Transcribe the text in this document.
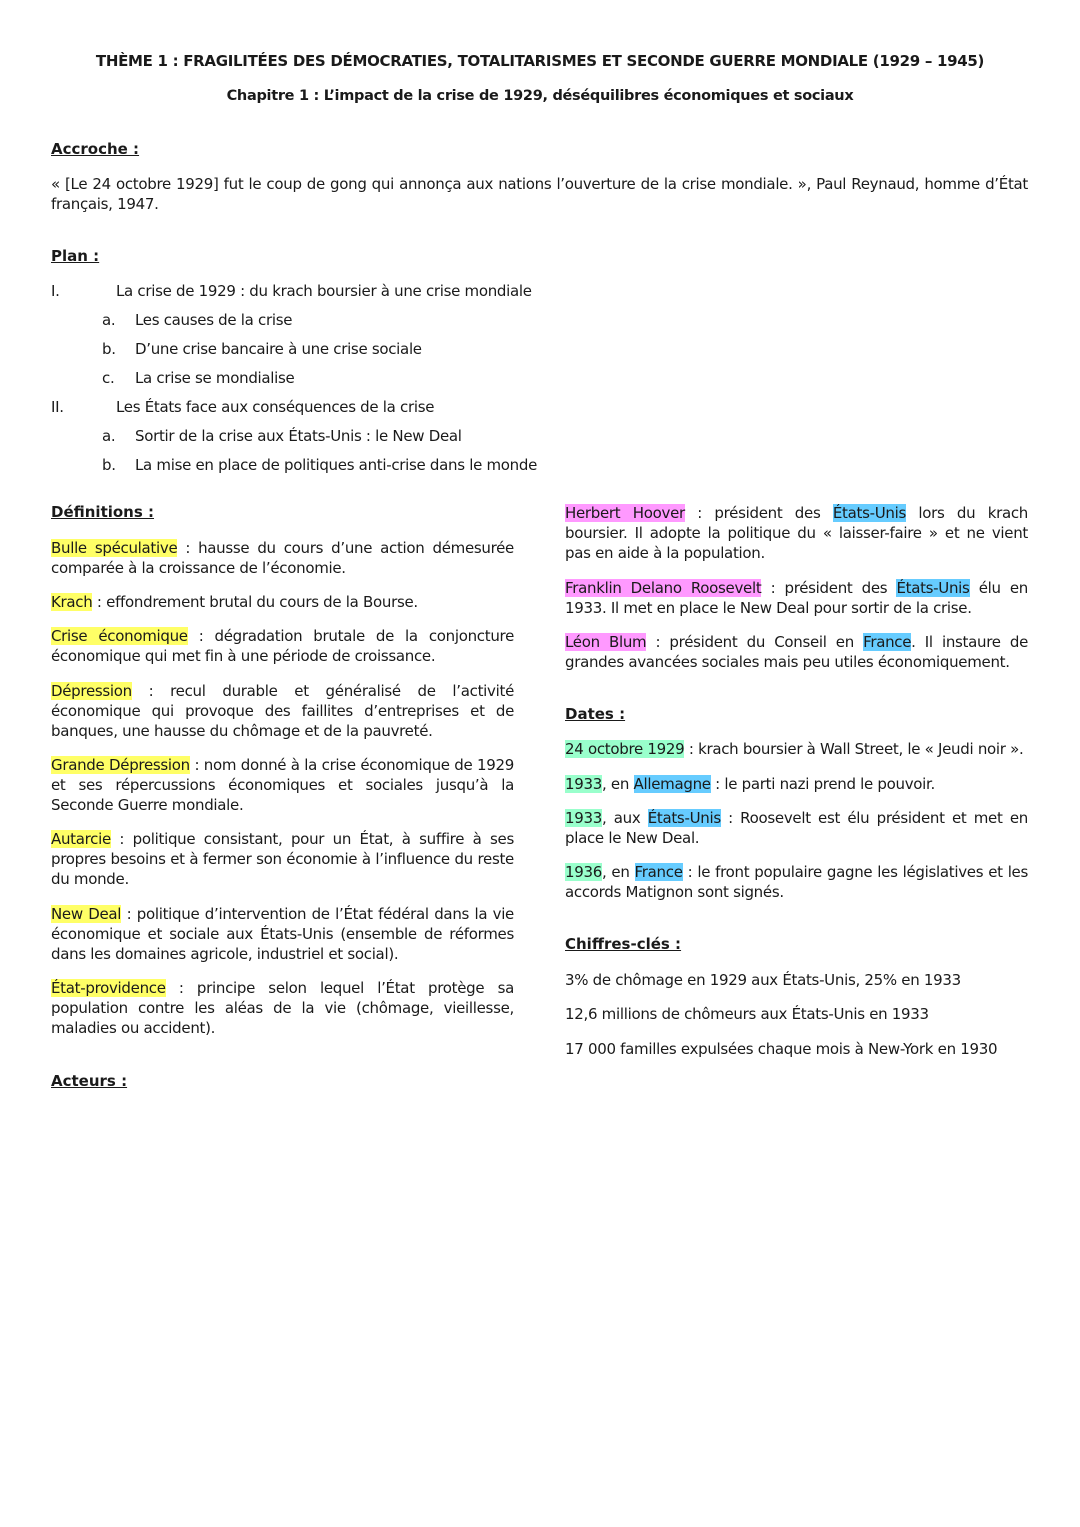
THÈME 1 : FRAGILITÉES DES DÉMOCRATIES, TOTALITARISMES ET SECONDE GUERRE MONDIALE (1929 – 1945)
Chapitre 1 : L’impact de la crise de 1929, déséquilibres économiques et sociaux
Accroche :

« [Le 24 octobre 1929] fut le coup de gong qui annonça aux nations l’ouverture de la crise mondiale. », Paul Reynaud, homme d’État français, 1947.

Plan :
I.	La crise de 1929 : du krach boursier à une crise mondiale
a. Les causes de la crise
b. D’une crise bancaire à une crise sociale
c. La crise se mondialise
II.	Les États face aux conséquences de la crise
a. Sortir de la crise aux États-Unis : le New Deal
b. La mise en place de politiques anti-crise dans le monde
Définitions :

Bulle spéculative : hausse du cours d’une action démesurée comparée à la croissance de l’économie.

Krach : effondrement brutal du cours de la Bourse.

Crise économique : dégradation brutale de la conjoncture économique qui met fin à une période de croissance.

Dépression : recul durable et généralisé de l’activité économique qui provoque des faillites d’entreprises et de banques, une hausse du chômage et de la pauvreté.

Grande Dépression : nom donné à la crise économique de 1929 et ses répercussions économiques et sociales jusqu’à la Seconde Guerre mondiale.

Autarcie : politique consistant, pour un État, à suffire à ses propres besoins et à fermer son économie à l’influence du reste du monde.

New Deal : politique d’intervention de l’État fédéral dans la vie économique et sociale aux États-Unis (ensemble de réformes dans les domaines agricole, industriel et social).

État-providence : principe selon lequel l’État protège sa population contre les aléas de la vie (chômage, vieillesse, maladies ou accident).

Acteurs :

Herbert Hoover : président des États-Unis lors du krach boursier. Il adopte la politique du « laisser-faire » et ne vient pas en aide à la population.

Franklin Delano Roosevelt : président des États-Unis élu en 1933. Il met en place le New Deal pour sortir de la crise.

Léon Blum : président du Conseil en France. Il instaure de grandes avancées sociales mais peu utiles économiquement.

Dates :

24 octobre 1929 : krach boursier à Wall Street, le « Jeudi noir ».

1933, en Allemagne : le parti nazi prend le pouvoir.

1933, aux États-Unis : Roosevelt est élu président et met en place le New Deal.

1936, en France : le front populaire gagne les législatives et les accords Matignon sont signés.

Chiffres-clés :

3% de chômage en 1929 aux États-Unis, 25% en 1933

12,6 millions de chômeurs aux États-Unis en 1933

17 000 familles expulsées chaque mois à New-York en 1930
